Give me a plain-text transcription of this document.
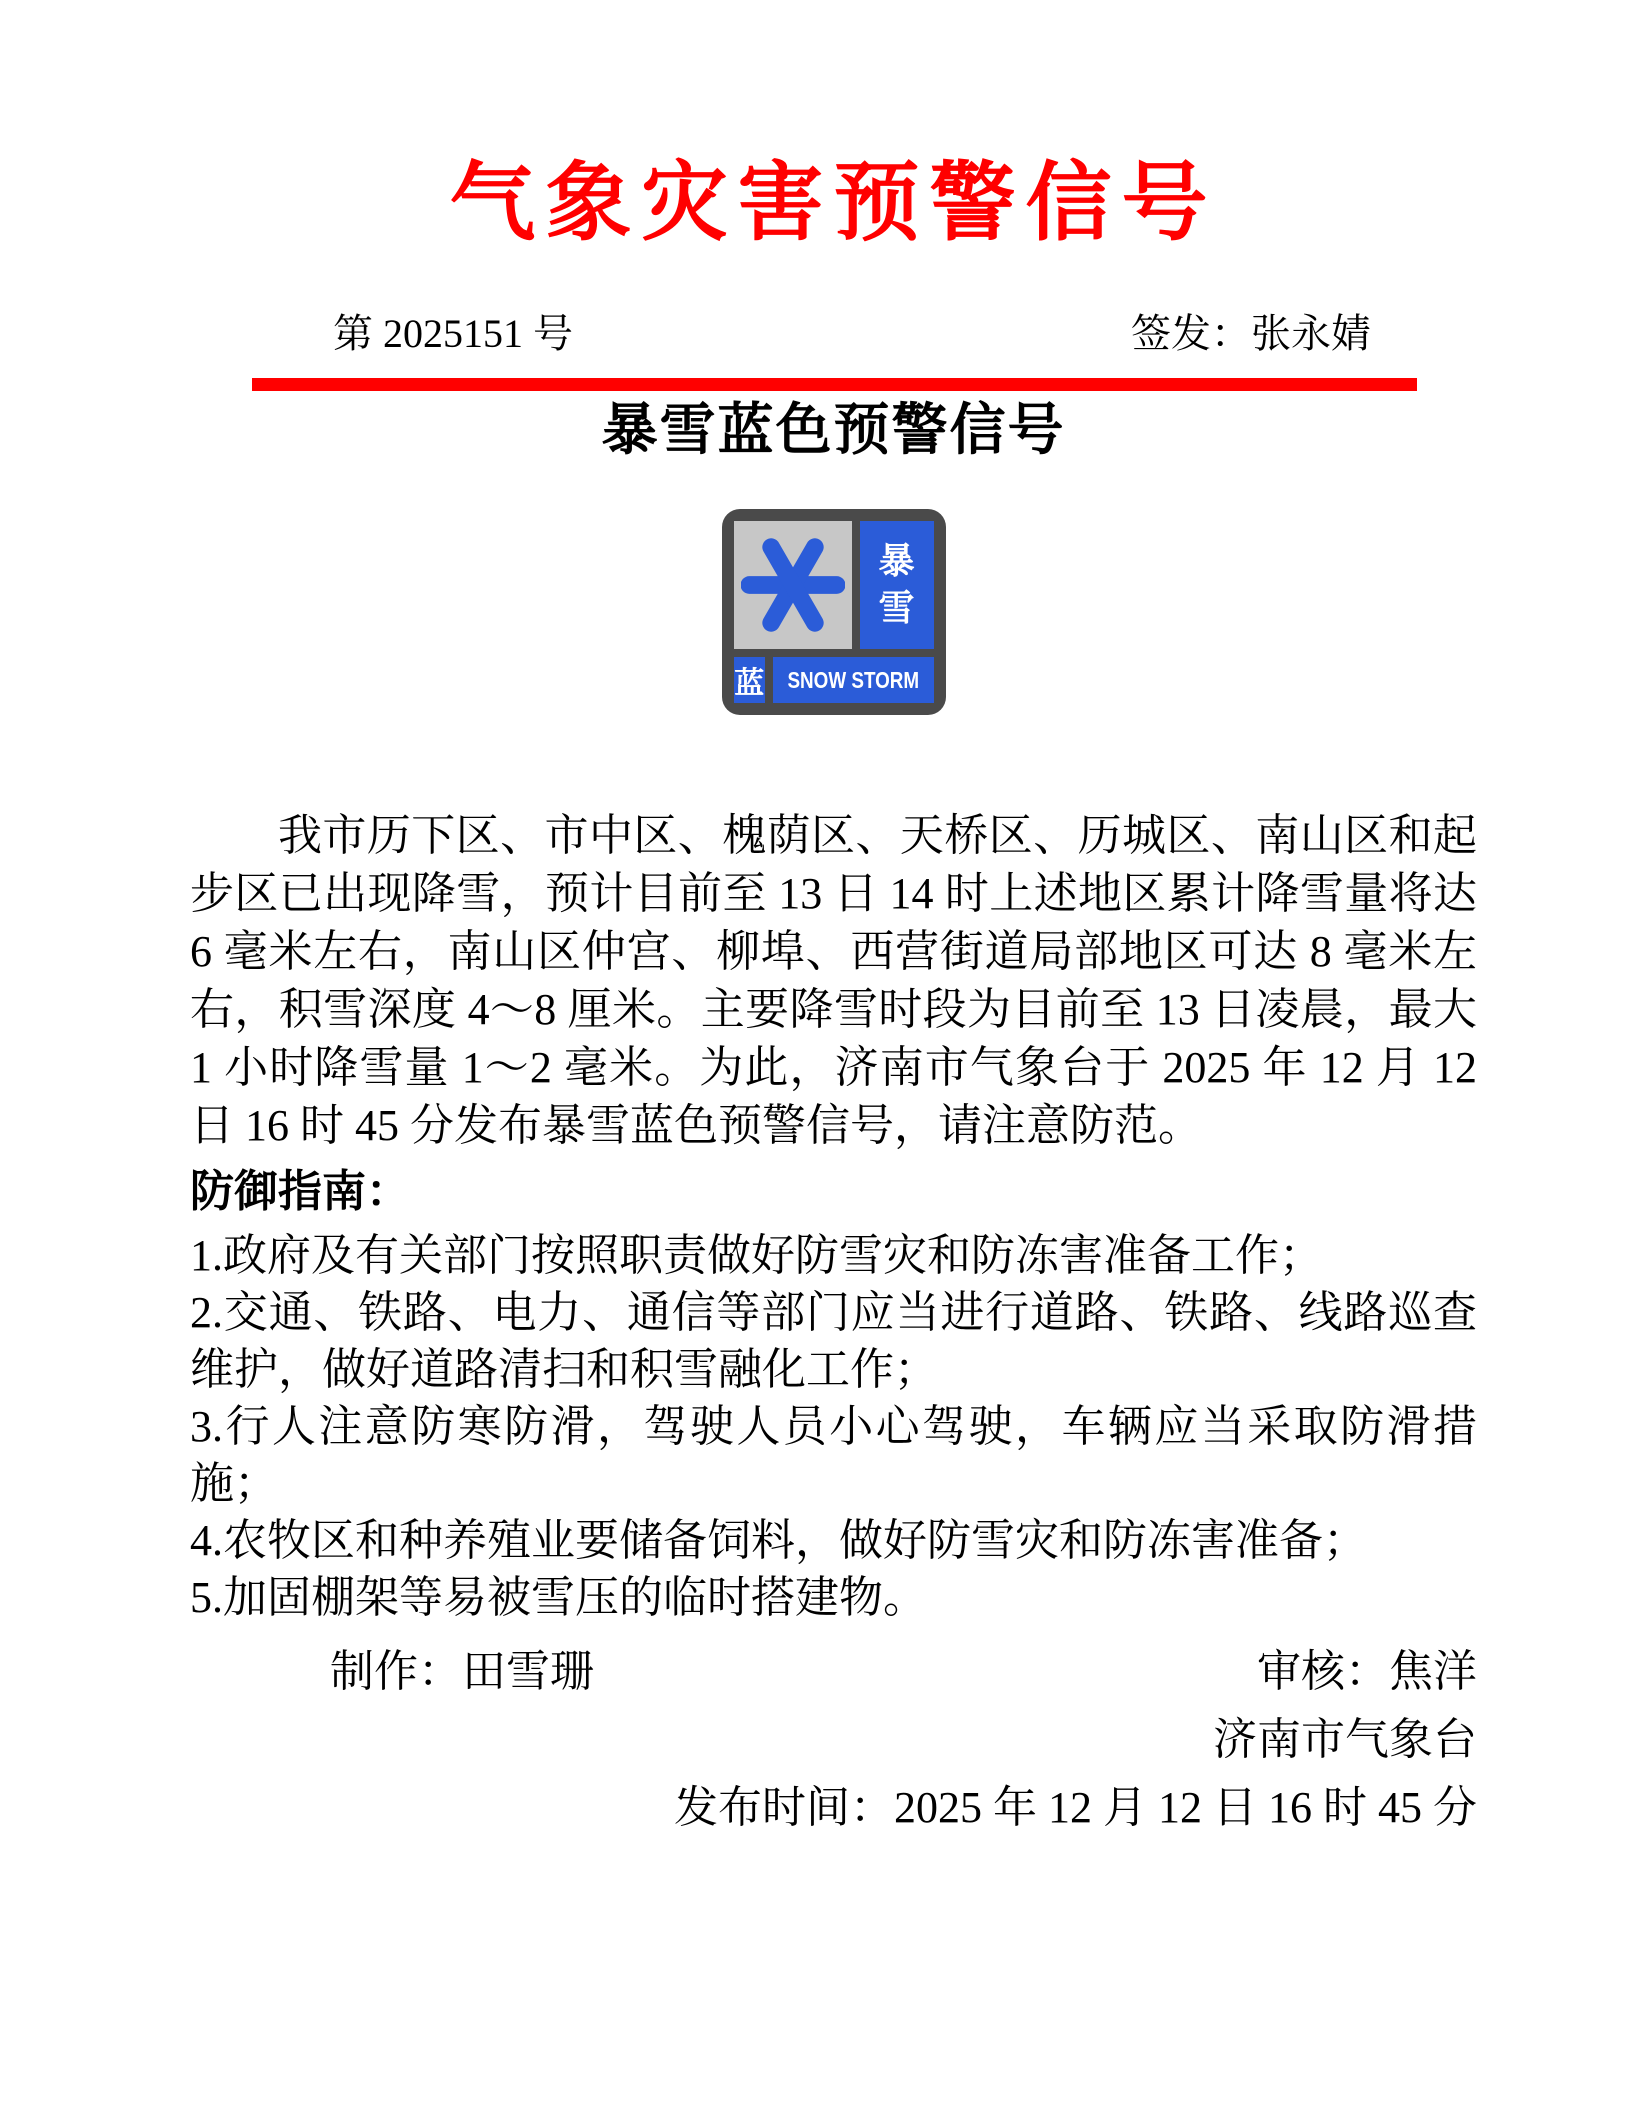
气象灾害预警信号
第 2025151 号	签发：张永婧
暴雪蓝色预警信号
暴
雪
蓝 SNOW STORM

我市历下区、市中区、槐荫区、天桥区、历城区、南山区和起步区已出现降雪，预计目前至 13 日 14 时上述地区累计降雪量将达 6 毫米左右，南山区仲宫、柳埠、西营街道局部地区可达 8 毫米左右，积雪深度 4～8 厘米。主要降雪时段为目前至 13 日凌晨，最大 1 小时降雪量 1～2 毫米。为此，济南市气象台于 2025 年 12 月 12 日 16 时 45 分发布暴雪蓝色预警信号，请注意防范。

防御指南：
1.政府及有关部门按照职责做好防雪灾和防冻害准备工作；
2.交通、铁路、电力、通信等部门应当进行道路、铁路、线路巡查维护，做好道路清扫和积雪融化工作；
3.行人注意防寒防滑，驾驶人员小心驾驶，车辆应当采取防滑措施；
4.农牧区和种养殖业要储备饲料，做好防雪灾和防冻害准备；
5.加固棚架等易被雪压的临时搭建物。
制作：田雪珊	审核：焦洋
济南市气象台
发布时间：2025 年 12 月 12 日 16 时 45 分
